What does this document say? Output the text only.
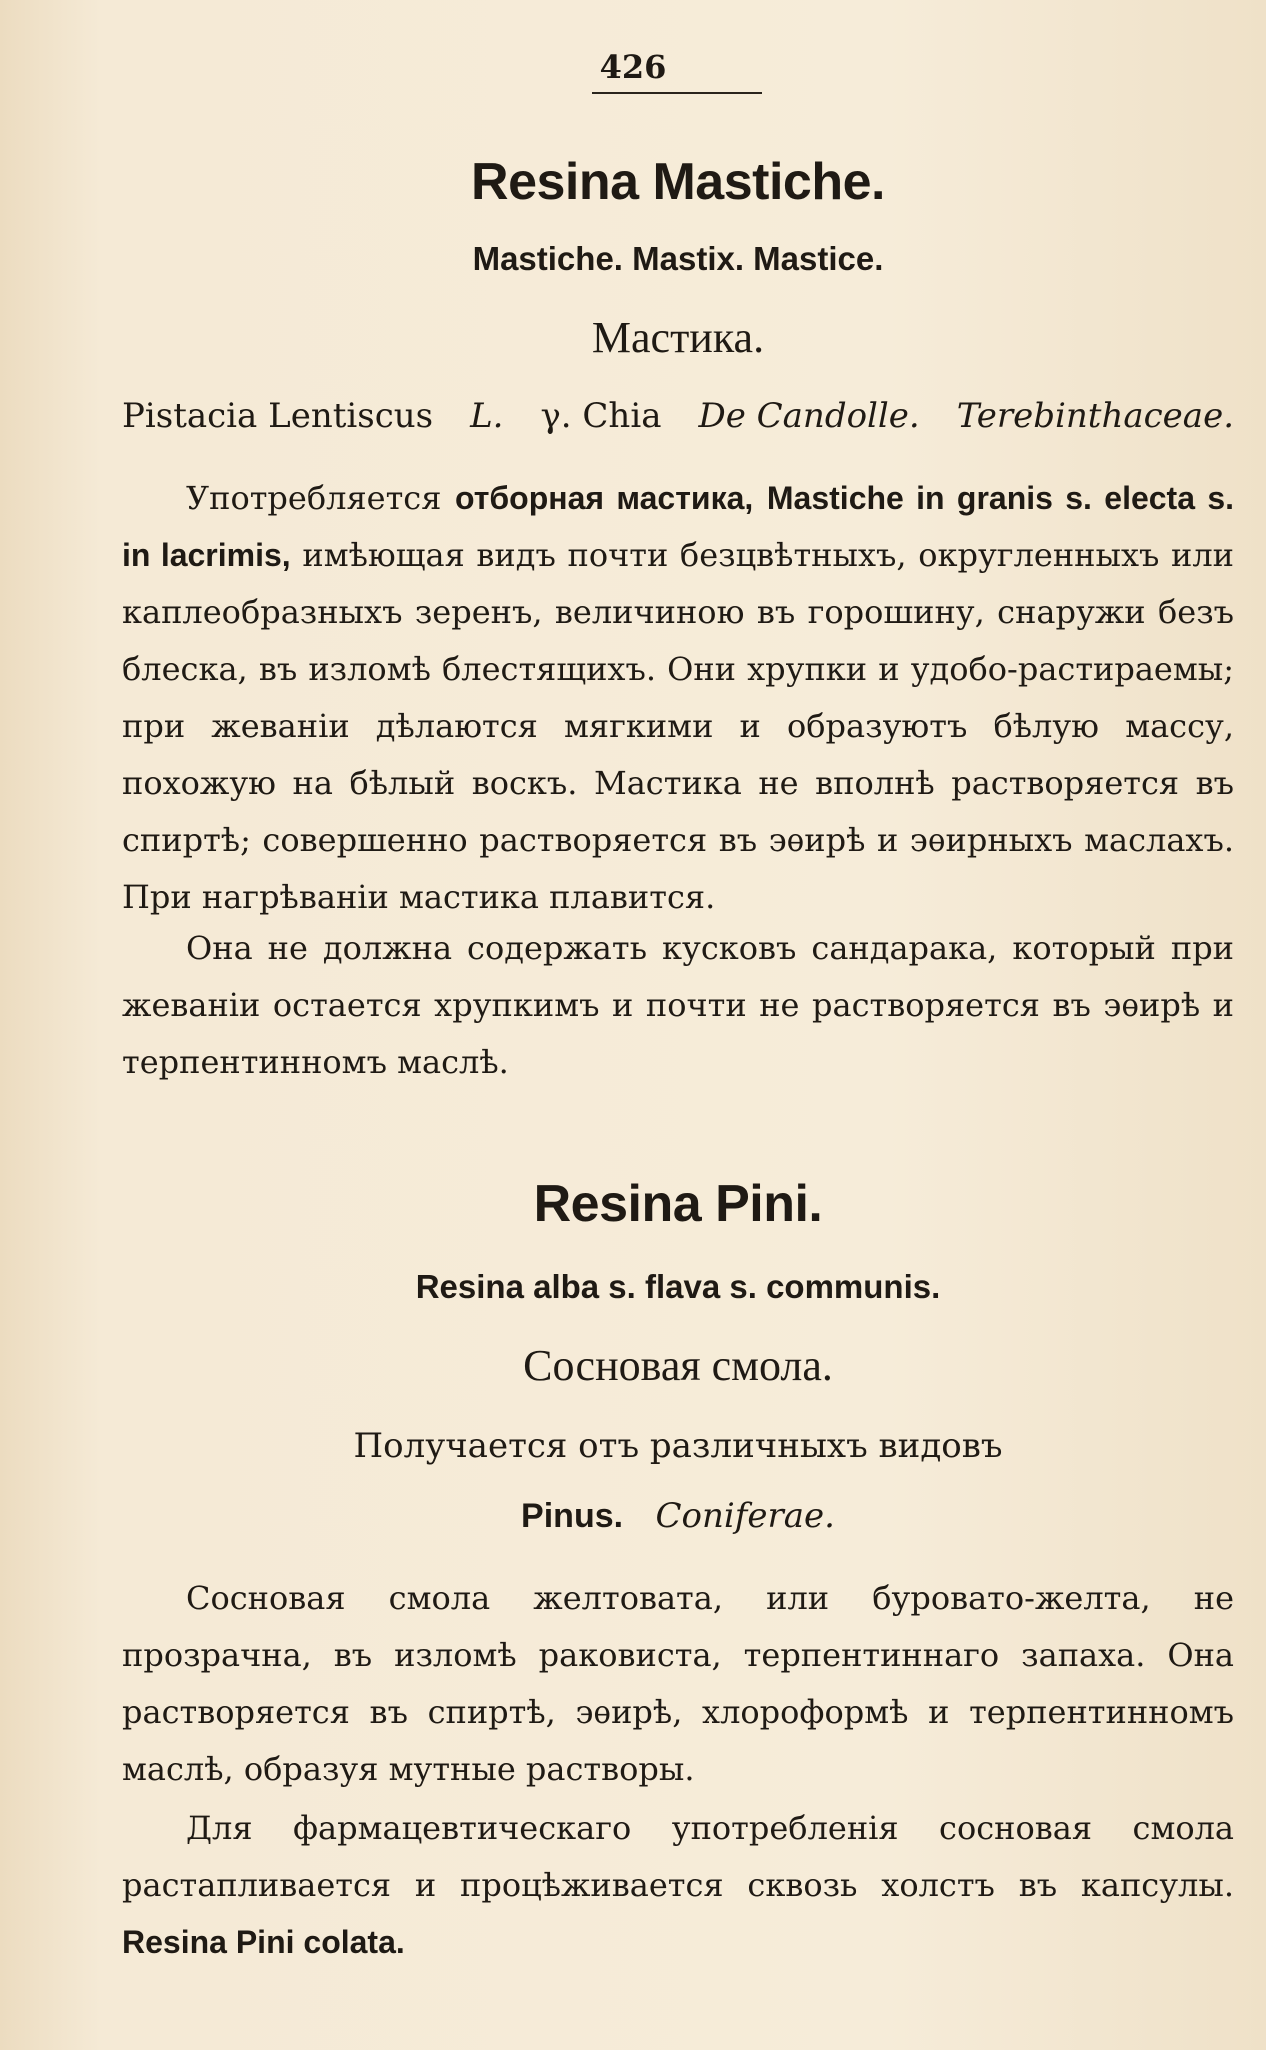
426
Resina Mastiche.
Mastiche. Mastix. Mastice.
Мастика.
Pistacia Lentiscus L. γ. Chia De Candolle. Terebinthaceae.
Употребляется отборная мастика, Mastiche in granis s. electa s. in lacrimis, имѣющая видъ почти безцвѣтныхъ, округленныхъ или каплеобразныхъ зеренъ, величиною въ горошину, снаружи безъ блеска, въ изломѣ блестящихъ. Они хрупки и удобо-растираемы; при жеваніи дѣлаются мягкими и образуютъ бѣлую массу, похожую на бѣлый воскъ. Мастика не вполнѣ растворяется въ спиртѣ; совершенно растворяется въ эѳирѣ и эѳирныхъ маслахъ. При нагрѣваніи мастика плавится.
Она не должна содержать кусковъ сандарака, который при жеваніи остается хрупкимъ и почти не растворяется въ эѳирѣ и терпентинномъ маслѣ.
Resina Pini.
Resina alba s. flava s. communis.
Сосновая смола.
Получается отъ различныхъ видовъ
Pinus. Coniferae.
Сосновая смола желтовата, или буровато-желта, не прозрачна, въ изломѣ раковиста, терпентиннаго запаха. Она растворяется въ спиртѣ, эѳирѣ, хлороформѣ и терпентинномъ маслѣ, образуя мутные растворы.
Для фармацевтическаго употребленія сосновая смола растапливается и процѣживается сквозь холстъ въ капсулы. Resina Pini colata.
